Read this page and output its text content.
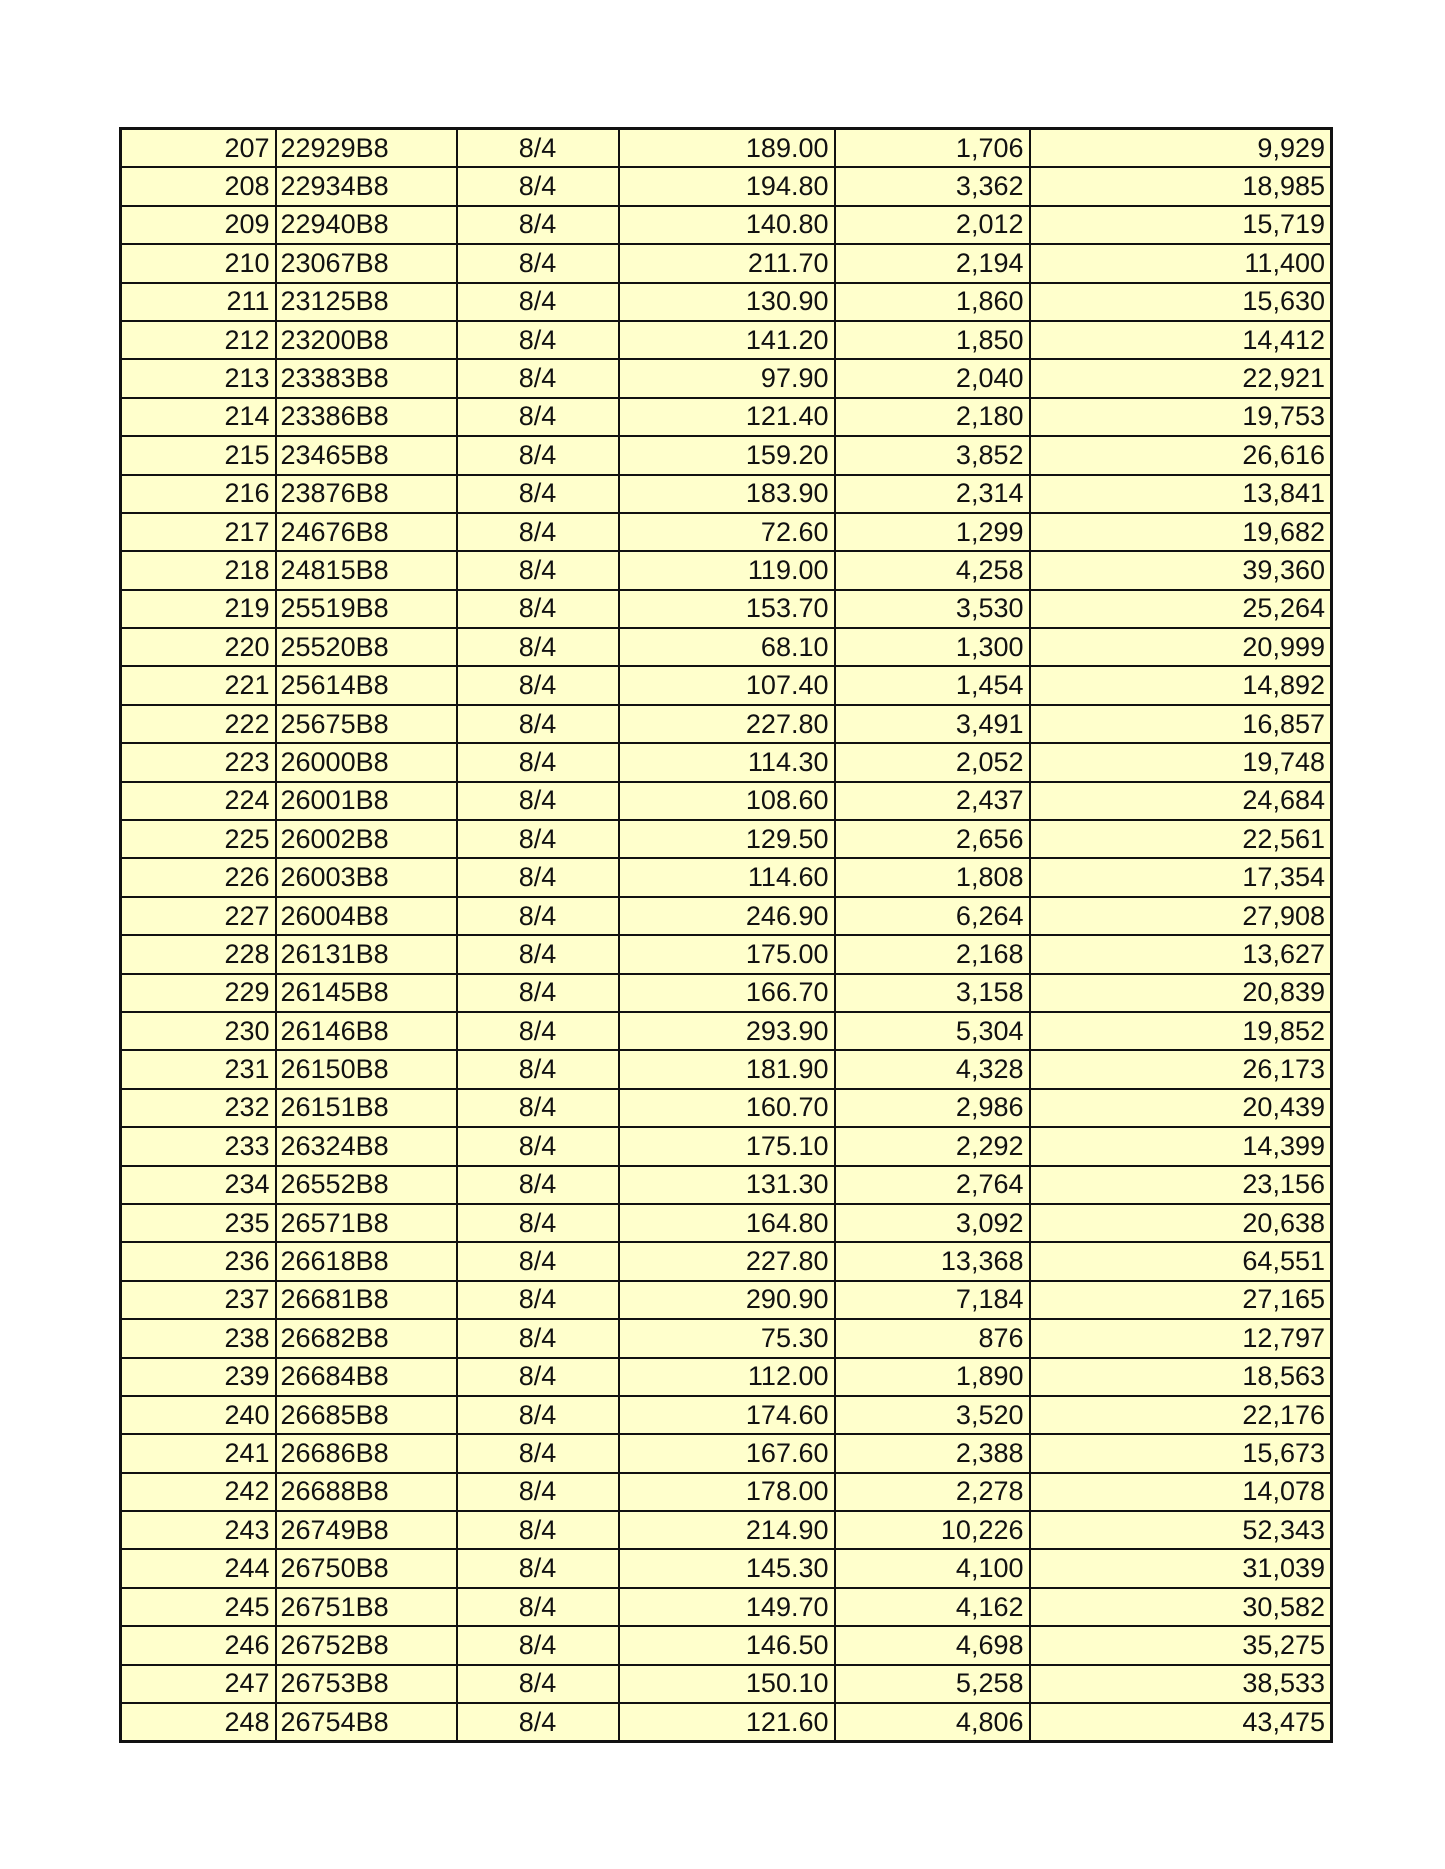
207	22929B8	8/4	189.00	1,706	9,929
208	22934B8	8/4	194.80	3,362	18,985
209	22940B8	8/4	140.80	2,012	15,719
210	23067B8	8/4	211.70	2,194	11,400
211	23125B8	8/4	130.90	1,860	15,630
212	23200B8	8/4	141.20	1,850	14,412
213	23383B8	8/4	97.90	2,040	22,921
214	23386B8	8/4	121.40	2,180	19,753
215	23465B8	8/4	159.20	3,852	26,616
216	23876B8	8/4	183.90	2,314	13,841
217	24676B8	8/4	72.60	1,299	19,682
218	24815B8	8/4	119.00	4,258	39,360
219	25519B8	8/4	153.70	3,530	25,264
220	25520B8	8/4	68.10	1,300	20,999
221	25614B8	8/4	107.40	1,454	14,892
222	25675B8	8/4	227.80	3,491	16,857
223	26000B8	8/4	114.30	2,052	19,748
224	26001B8	8/4	108.60	2,437	24,684
225	26002B8	8/4	129.50	2,656	22,561
226	26003B8	8/4	114.60	1,808	17,354
227	26004B8	8/4	246.90	6,264	27,908
228	26131B8	8/4	175.00	2,168	13,627
229	26145B8	8/4	166.70	3,158	20,839
230	26146B8	8/4	293.90	5,304	19,852
231	26150B8	8/4	181.90	4,328	26,173
232	26151B8	8/4	160.70	2,986	20,439
233	26324B8	8/4	175.10	2,292	14,399
234	26552B8	8/4	131.30	2,764	23,156
235	26571B8	8/4	164.80	3,092	20,638
236	26618B8	8/4	227.80	13,368	64,551
237	26681B8	8/4	290.90	7,184	27,165
238	26682B8	8/4	75.30	876	12,797
239	26684B8	8/4	112.00	1,890	18,563
240	26685B8	8/4	174.60	3,520	22,176
241	26686B8	8/4	167.60	2,388	15,673
242	26688B8	8/4	178.00	2,278	14,078
243	26749B8	8/4	214.90	10,226	52,343
244	26750B8	8/4	145.30	4,100	31,039
245	26751B8	8/4	149.70	4,162	30,582
246	26752B8	8/4	146.50	4,698	35,275
247	26753B8	8/4	150.10	5,258	38,533
248	26754B8	8/4	121.60	4,806	43,475
